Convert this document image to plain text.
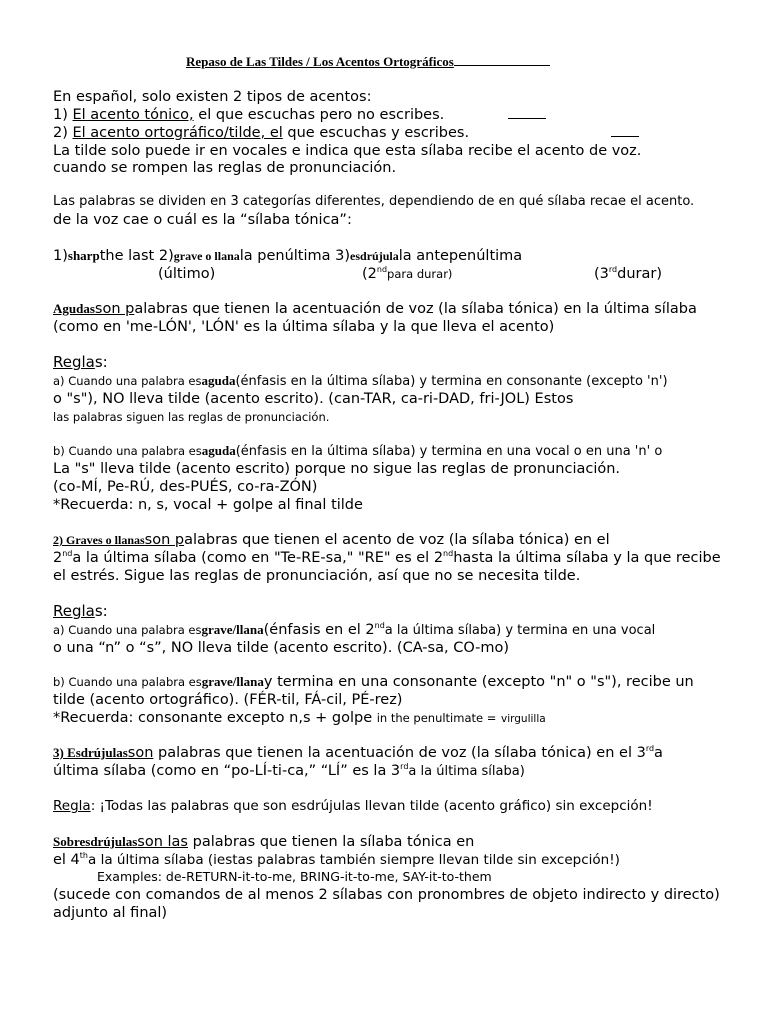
Repaso de Las Tildes / Los Acentos Ortográficos
En español, solo existen 2 tipos de acentos:
1) El acento tónico, el que escuchas pero no escribes.
2) El acento ortográfico/tilde, el que escuchas y escribes.
La tilde solo puede ir en vocales e indica que esta sílaba recibe el acento de voz.
cuando se rompen las reglas de pronunciación.
Las palabras se dividen en 3 categorías diferentes, dependiendo de en qué sílaba recae el acento.
de la voz cae o cuál es la “sílaba tónica”:
1)sharpthe last 2)grave o llanala penúltima 3)esdrújulala antepenúltima
(último)	(2ndpara durar)	(3rddurar)
Agudasson palabras que tienen la acentuación de voz (la sílaba tónica) en la última sílaba
(como en 'me-LÓN', 'LÓN' es la última sílaba y la que lleva el acento)
Reglas:
a) Cuando una palabra esaguda(énfasis en la última sílaba) y termina en consonante (excepto 'n')
o "s"), NO lleva tilde (acento escrito). (can-TAR, ca-ri-DAD, fri-JOL) Estos
las palabras siguen las reglas de pronunciación.
b) Cuando una palabra esaguda(énfasis en la última sílaba) y termina en una vocal o en una 'n' o
La "s" lleva tilde (acento escrito) porque no sigue las reglas de pronunciación.
(co-MÍ, Pe-RÚ, des-PUÉS, co-ra-ZÓN)
*Recuerda: n, s, vocal + golpe al final tilde
2) Graves o llanasson palabras que tienen el acento de voz (la sílaba tónica) en el
2nda la última sílaba (como en "Te-RE-sa," "RE" es el 2ndhasta la última sílaba y la que recibe
el estrés. Sigue las reglas de pronunciación, así que no se necesita tilde.
Reglas:
a) Cuando una palabra esgrave/llana(énfasis en el 2nda la última sílaba) y termina en una vocal
o una “n” o “s”, NO lleva tilde (acento escrito). (CA-sa, CO-mo)
b) Cuando una palabra esgrave/llanay termina en una consonante (excepto "n" o "s"), recibe un
tilde (acento ortográfico). (FÉR-til, FÁ-cil, PÉ-rez)
*Recuerda: consonante excepto n,s + golpe in the penultimate = virgulilla
3) Esdrújulasson palabras que tienen la acentuación de voz (la sílaba tónica) en el 3rda
última sílaba (como en “po-LÍ-ti-ca,” “LÍ” es la 3rda la última sílaba)
Regla: ¡Todas las palabras que son esdrújulas llevan tilde (acento gráfico) sin excepción!
Sobresdrújulasson las palabras que tienen la sílaba tónica en
el 4tha la última sílaba (iestas palabras también siempre llevan tilde sin excepción!)
Examples: de-RETURN-it-to-me, BRING-it-to-me, SAY-it-to-them
(sucede con comandos de al menos 2 sílabas con pronombres de objeto indirecto y directo)
adjunto al final)
